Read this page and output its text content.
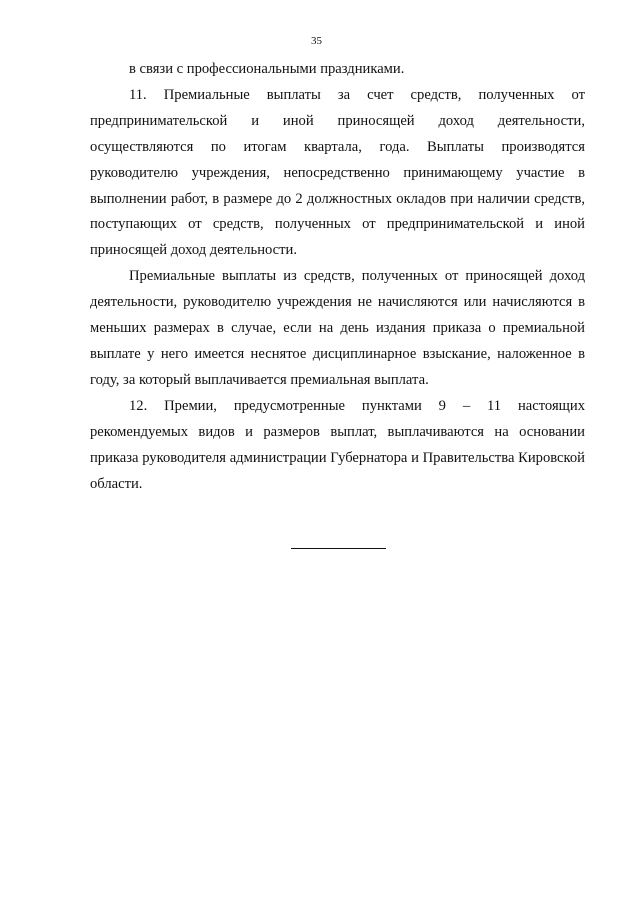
35

в связи с профессиональными праздниками.

11. Премиальные выплаты за счет средств, полученных от предпринимательской и иной приносящей доход деятельности, осуществляются по итогам квартала, года. Выплаты производятся руководителю учреждения, непосредственно принимающему участие в выполнении работ, в размере до 2 должностных окладов при наличии средств, поступающих от средств, полученных от предпринимательской и иной приносящей доход деятельности.

Премиальные выплаты из средств, полученных от приносящей доход деятельности, руководителю учреждения не начисляются или начисляются в меньших размерах в случае, если на день издания приказа о премиальной выплате у него имеется неснятое дисциплинарное взыскание, наложенное в году, за который выплачивается премиальная выплата.

12. Премии, предусмотренные пунктами 9 – 11 настоящих рекомендуемых видов и размеров выплат, выплачиваются на основании приказа руководителя администрации Губернатора и Правительства Кировской области.
